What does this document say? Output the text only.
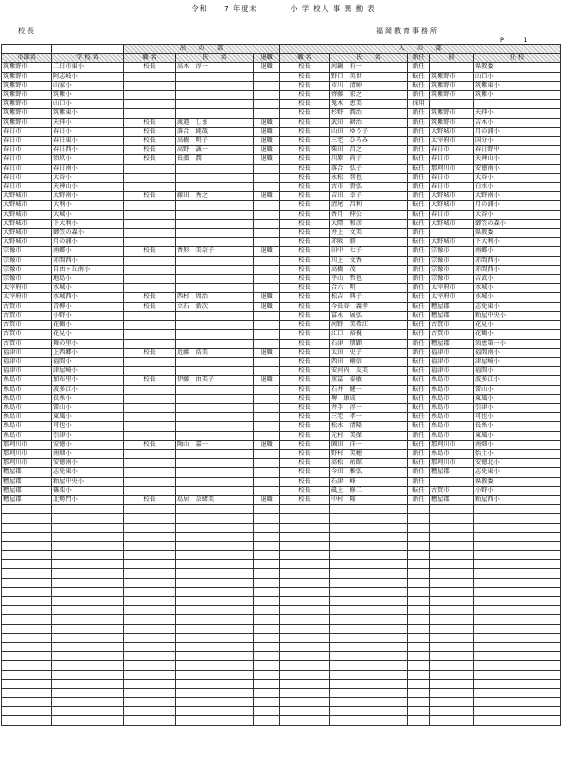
令和　　7 年度末　　　　小 学 校人 事 異 動 表
校長	福岡教育事務所
P　　　1
		出　　の　　部			入　　の　　部				
市部名	学 校 名	職 名	氏　　名	退職	職 名	氏　　名	新任	前	任 校
筑紫野市	二日市東小	校長	高木　淳一	退職	校長	河鍋　有一	新任		県教委
筑紫野市	阿志岐小				校長	野口　英世	転任	筑紫野市	山口小
筑紫野市	山家小				校長	市川　清紳	転任	筑紫野市	筑紫東小
筑紫野市	筑紫小				校長	齊藤　宏之	新任	筑紫野市	筑紫小
筑紫野市	山口小				校長	鬼木　恵美	採用		
筑紫野市	筑紫東小				校長	杉野　潤治	新任	筑紫野市	天拝小
筑紫野市	天拝小	校長	渡邉　しま	退職	校長	武田　耕治	新任	筑紫野市	吉木小
春日市	春日小	校長	落合　純哉	退職	校長	山田　ゆう子	新任	大野城市	月の浦小
春日市	春日東小	校長	高橋　明子	退職	校長	三宅　ひろみ	新任	太宰府市	国分小
春日市	春日西小	校長	高野　誠一	退職	校長	柴田　昌之	新任	春日市	春日野中
春日市	須玖小	校長	長濱　潤	退職	校長	川原　尚子	転任	春日市	天神山小
春日市	春日南小				校長	落合　弘子	転任	那珂川市	安徳南小
春日市	大谷小				校長	永松　智也	新任	春日市	大谷小
春日市	天神山小				校長	古市　貴弘	新任	春日市	白水小
大野城市	大野南小	校長	藤田　秀之	退職	校長	吉田　幸子	新任	大野城市	大野南小
大野城市	大利小				校長	清尾　昌利	転任	大野城市	月の浦小
大野城市	大城小				校長	香月　伸公	転任	春日市	大谷小
大野城市	下大利小				校長	大隈　和彦	転任	大野城市	御笠の森小
大野城市	御笠の森小				校長	井上　文美	新任		県教委
大野城市	月の浦小				校長	赤阪　勝	転任	大野城市	下大利小
宗像市	南郷小	校長	香形　美奈子	退職	校長	田中　七子	新任	宗像市	南郷小
宗像市	赤間西小				校長	川上　文香	新任	宗像市	赤間西小
宗像市	自由ヶ丘南小				校長	高橋　茂	新任	宗像市	赤間西小
宗像市	地島小				校長	平山　哲也	新任	宗像市	吉武小
太宰府市	水城小				校長	合六　明	新任	太宰府市	水城小
太宰府市	水城西小	校長	西村　周治	退職	校長	松吉　典子	転任	太宰府市	水城小
古賀市	青柳小	校長	立石　新次	退職	校長	今長谷　義孝	転任	糟屋郡	志免東小
古賀市	小野小				校長	冨永　展弘	転任	糟屋郡	粕屋中央小
古賀市	花鶴小				校長	河野　美希江	転任	古賀市	花見小
古賀市	花見小				校長	江口　裕視	転任	古賀市	花鶴小
古賀市	舞の里小				校長	石津　朋顕	新任	糟屋郡	須恵第一小
福津市	上西郷小	校長	近藤　浩美	退職	校長	太田　史子	新任	福津市	福間南小
福津市	福間小				校長	西田　剛信	転任	福津市	津屋崎小
福津市	津屋崎小				校長	安河内　友美	転任	福津市	福間小
糸島市	加布里小	校長	伊藤　由美子	退職	校長	重冨　泰敏	転任	糸島市	波多江小
糸島市	波多江小				校長	石井　健一	転任	糸島市	雷山小
糸島市	長糸小				校長	堺　康成	転任	糸島市	東風小
糸島市	雷山小				校長	井手　淳一	転任	糸島市	引津小
糸島市	東風小				校長	三宅　孝一	転任	糸島市	可也小
糸島市	可也小				校長	松永　清隆	転任	糸島市	長糸小
糸島市	引津小				校長	元村　美保	新任	糸島市	東風小
那珂川市	安徳小	校長	陶山　嘉一	退職	校長	園田　洋一	転任	那珂川市	南畑小
那珂川市	南畑小				校長	野村　美穂	新任	糸島市	怡土小
那珂川市	安徳南小				校長	髙松　祐館	転任	那珂川市	安徳北小
糟屋郡	志免東小				校長	今田　雅弘	新任	糟屋郡	志免東小
糟屋郡	粕屋中央小				校長	石津　峰	新任		県教委
糟屋郡	篠栗小				校長	砥上　修二	転任	古賀市	小野小
糟屋郡	北勢門小	校長	島居　奈緒美	退職	校長	中村　隆	新任	糟屋郡	粕屋西小
